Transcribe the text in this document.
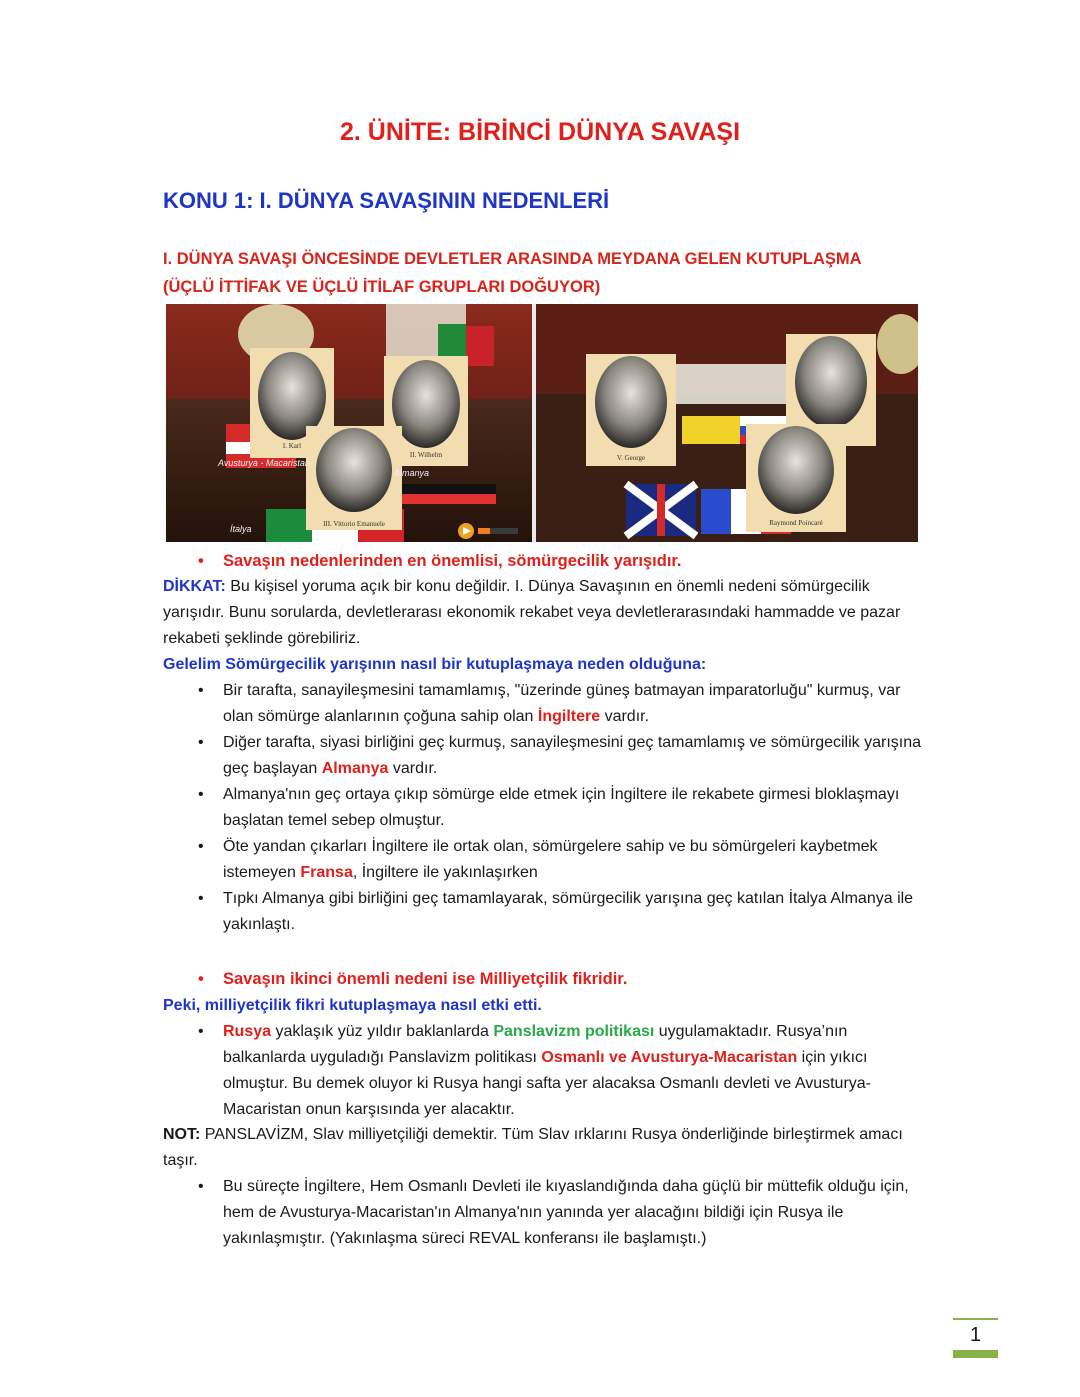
2. ÜNİTE: BİRİNCİ DÜNYA SAVAŞI
KONU 1: I. DÜNYA SAVAŞININ NEDENLERİ
I. DÜNYA SAVAŞI ÖNCESİNDE DEVLETLER ARASINDA MEYDANA GELEN KUTUPLAŞMA
(ÜÇLÜ İTTİFAK VE ÜÇLÜ İTİLAF GRUPLARI DOĞUYOR)
I. Karl
II. Wilhelm
III. Vittorio Emanuele
Avusturya - Macaristan
Almanya
İtalya
V. George
Raymond Poincaré
• Savaşın nedenlerinden en önemlisi, sömürgecilik yarışıdır.
DİKKAT: Bu kişisel yoruma açık bir konu değildir. I. Dünya Savaşının en önemli nedeni sömürgecilik yarışıdır. Bunu sorularda, devletlerarası ekonomik rekabet veya devletlerarasındaki hammadde ve pazar rekabeti şeklinde görebiliriz.
Gelelim Sömürgecilik yarışının nasıl bir kutuplaşmaya neden olduğuna:
• Bir tarafta, sanayileşmesini tamamlamış, "üzerinde güneş batmayan imparatorluğu" kurmuş, var olan sömürge alanlarının çoğuna sahip olan İngiltere vardır.
• Diğer tarafta, siyasi birliğini geç kurmuş, sanayileşmesini geç tamamlamış ve sömürgecilik yarışına geç başlayan Almanya vardır.
• Almanya'nın geç ortaya çıkıp sömürge elde etmek için İngiltere ile rekabete girmesi bloklaşmayı başlatan temel sebep olmuştur.
• Öte yandan çıkarları İngiltere ile ortak olan, sömürgelere sahip ve bu sömürgeleri kaybetmek istemeyen Fransa, İngiltere ile yakınlaşırken
• Tıpkı Almanya gibi birliğini geç tamamlayarak, sömürgecilik yarışına geç katılan İtalya Almanya ile yakınlaştı.
• Savaşın ikinci önemli nedeni ise Milliyetçilik fikridir.
Peki, milliyetçilik fikri kutuplaşmaya nasıl etki etti.
• Rusya yaklaşık yüz yıldır baklanlarda Panslavizm politikası uygulamaktadır. Rusya’nın balkanlarda uyguladığı Panslavizm politikası Osmanlı ve Avusturya-Macaristan için yıkıcı olmuştur. Bu demek oluyor ki Rusya hangi safta yer alacaksa Osmanlı devleti ve Avusturya-Macaristan onun karşısında yer alacaktır.
NOT: PANSLAVİZM, Slav milliyetçiliği demektir. Tüm Slav ırklarını Rusya önderliğinde birleştirmek amacı taşır.
• Bu süreçte İngiltere, Hem Osmanlı Devleti ile kıyaslandığında daha güçlü bir müttefik olduğu için, hem de Avusturya-Macaristan'ın Almanya'nın yanında yer alacağını bildiği için Rusya ile yakınlaşmıştır. (Yakınlaşma süreci REVAL konferansı ile başlamıştı.)
1
